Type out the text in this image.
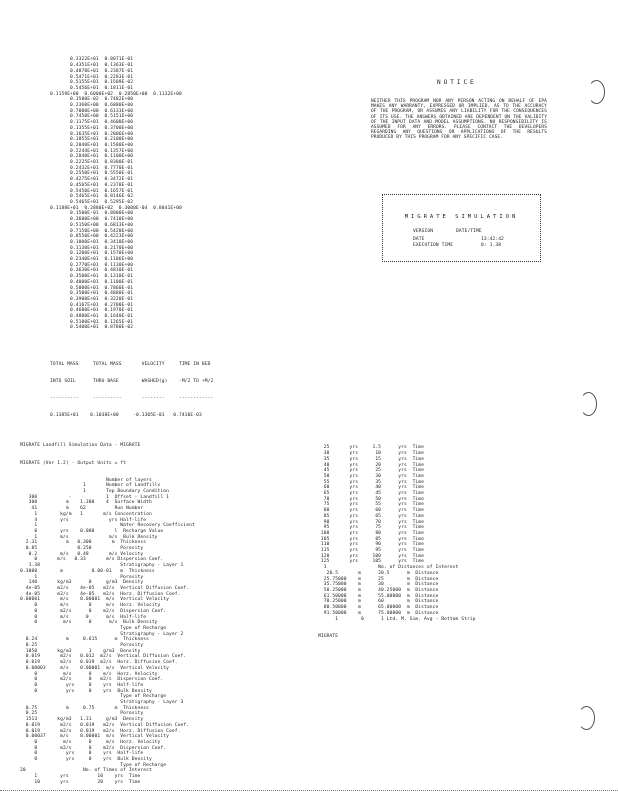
0.3322E+01  0.8071E-01
0.4351E+01  0.1363E-01
0.4878E+01  0.2387E-01
0.5471E+01  0.2283E-01
0.5155E+01  0.1509E-02
0.5456E+01  0.1811E-01
0.1159E+00  0.6000E+02  0.2850E+00  0.1132E+00
0.1500E-02  0.7482E+00
0.2360E+00  0.6880E+00
0.7000E+00  0.6133E+00
0.7450E+00  0.5151E+00
0.1175E+01  0.4600E+00
0.1355E+01  0.3700E+00
0.1635E+01  0.2806E+00
0.1855E+01  0.2100E+00
0.2040E+01  0.1580E+00
0.2244E+01  0.1357E+00
0.2040E+01  0.1100E+00
0.2225E+01  0.8380E-01
0.2432E+01  0.7770E-01
0.2550E+01  0.5550E-01
0.4275E+01  0.3472E-01
0.4565E+01  0.2370E-01
0.5450E+01  0.1657E-01
0.5465E+01  0.8146E-02
0.5465E+01  0.5295E-02
0.1188E+01  0.2880E+02  0.3000E-04  0.8841E+00
0.1500E-01  0.8800E+00
0.3600E+00  0.7410E+00
0.5150E+00  0.6813E+00
0.7150E+00  0.5420E+00
0.8550E+00  0.4223E+00
0.1000E+01  0.3410E+00
0.1130E+01  0.2170E+00
0.1200E+01  0.1570E+00
0.2340E+01  0.1186E+00
0.2770E+01  0.1130E+00
0.3630E+01  0.4810E-01
0.3500E+01  0.1310E-01
0.4000E+01  0.1100E-01
0.5000E+01  0.7860E-01
0.3500E+01  0.4880E-01
0.3900E+01  0.3220E-01
0.4167E+01  0.2700E-01
0.4600E+01  0.1970E-01
0.4800E+01  0.1640E-01
0.5100E+01  0.1265E-01
0.5400E+01  0.8780E-02

TOTAL MASS     TOTAL MASS       VELOCITY     TIME IN BED

INTO SOIL      THRU BASE        WASHED(g)    -M/2 TO +M/2

----------     ----------       --------     ------------

0.1385E+01    0.1038E+00     -0.1305E-01   0.7410E-03

NOTICE
NEITHER THIS PROGRAM NOR ANY PERSON ACTING ON BEHALF OF EPA MAKES ANY WARRANTY, EXPRESSED OR IMPLIED, AS TO THE ACCURACY OF THE PROGRAM, OR ASSUMES ANY LIABILITY FOR THE CONSEQUENCES OF ITS USE. THE ANSWERS OBTAINED ARE DEPENDENT ON THE VALIDITY OF THE INPUT DATA AND MODEL ASSUMPTIONS. NO RESPONSIBILITY IS ASSUMED FOR ANY ERRORS. PLEASE CONTACT THE DEVELOPERS REGARDING ANY QUESTIONS OR APPLICATIONS OF THE RESULTS PRODUCED BY THIS PROGRAM FOR ANY SPECIFIC CASE.
MIGRATE SIMULATION
VERSION        DATE/TIME
DATE	13:42:42
EXECUTION TIME	0: 1.38

MIGRATE Landfill Simulation Data - MIGRATE

MIGRATE (Ver 1.2) - Output Units = ft

Number of layers
1       Number of Landfills
1       Top Boundary Condition
300           -            1  Offset - Landfill 1
300          m    1.300    4  Surface Width
41          m    62          Run Number
1        kg/m   1       m/s Concentration
4        yrs              yrs Half-life
1                             Water Recovery Coefficient
0        yrs    0.000       l  Recharge Value
1        m/s              m/s  Bulk Density
2.31          m   0.300       m  Thickness
0.85              0.250          Porosity
0.2        m/s   0.48       m/s Velocity
0       m/s   0.33       m/s Dispersion Coef.
1.38                            Stratigraphy - Layer 1
0.3000        m          0.00-01   m  Thickness
1                             Porosity
140       kg/m3      0     g/m3  Density
4e-05      m2/s    4e-05   m2/s  Vertical Diffusion Coef.
4e-05      m2/s    4e-05   m2/s  Horz. Diffusion Coef.
0.00001       m/s    0.00001  m/s  Vertical Velocity
0        m/s       0     m/s  Horz. Velocity
0        m2/s      0    m2/s  Dispersion Coef.
0        m/s      0      m/s  Half-life
0         m/s      0      m/s  Bulk Density
Type of Recharge
Stratigraphy - Layer 2
0.24          m     0.615      m  Thickness
0.25                             Porosity
1050       kg/m3      1    g/m3  Density
0.019       m2/s   0.012  m2/s  Vertical Diffusion Coef.
0.019       m2/s   0.019  m2/s  Horz. Diffusion Coef.
0.00003     m/s    0.00001  m/s  Vertical Velocity
0         m/s      0    m/s  Horz. Velocity
0        m2/s      0   m2/s  Dispersion Coef.
0          yrs     0    yrs  Half-life
0          yrs     0    yrs  Bulk Density
Type of Recharge
Stratigraphy - Layer 3
0.75          m     0.75       m  Thickness
0.25                             Porosity
1513       kg/m3   1.31     g/m3  Density
0.019       m2/s   0.019   m2/s  Vertical Diffusion Coef.
0.019       m2/s   0.019   m2/s  Horz. Diffusion Coef.
0.00037     m/s    0.00001  m/s  Vertical Velocity
0         m/s      0     m/s  Horz. Velocity
0        m2/s      0    m2/s  Dispersion Coef.
0          yrs     0    yrs  Half-life
0          yrs     0    yrs  Bulk Density
Type of Recharge
20                    No. of Times of Interest
1        yrs          10    yrs  Time
10       yrs          20    yrs  Time

25       yrs     1.5      yrs  Time
30       yrs      10      yrs  Time
35       yrs      15      yrs  Time
40       yrs      20      yrs  Time
45       yrs      25      yrs  Time
50       yrs      30      yrs  Time
55       yrs      35      yrs  Time
60       yrs      40      yrs  Time
65       yrs      45      yrs  Time
70       yrs      50      yrs  Time
75       yrs      55      yrs  Time
80       yrs      60      yrs  Time
85       yrs      65      yrs  Time
90       yrs      70      yrs  Time
95       yrs      75      yrs  Time
100       yrs      80      yrs  Time
105       yrs      85      yrs  Time
110       yrs      90      yrs  Time
115       yrs      95      yrs  Time
120       yrs     100      yrs  Time
125       yrs     105      yrs  Time
1                  No. of Distances of Interest
20.5       m      20.5      m  Distance
25.75000    m      25        m  Distance
35.75000    m      30        m  Distance
50.25000    m      40.25000  m  Distance
61.50000    m      55.00000  m  Distance
70.25000    m      60        m  Distance
80.50000    m      65.00000  m  Distance
91.50000    m      75.00000  m  Distance
1        0      1 Ltd. M. Sim. Avg - Bottom Strip

MIGRATE
